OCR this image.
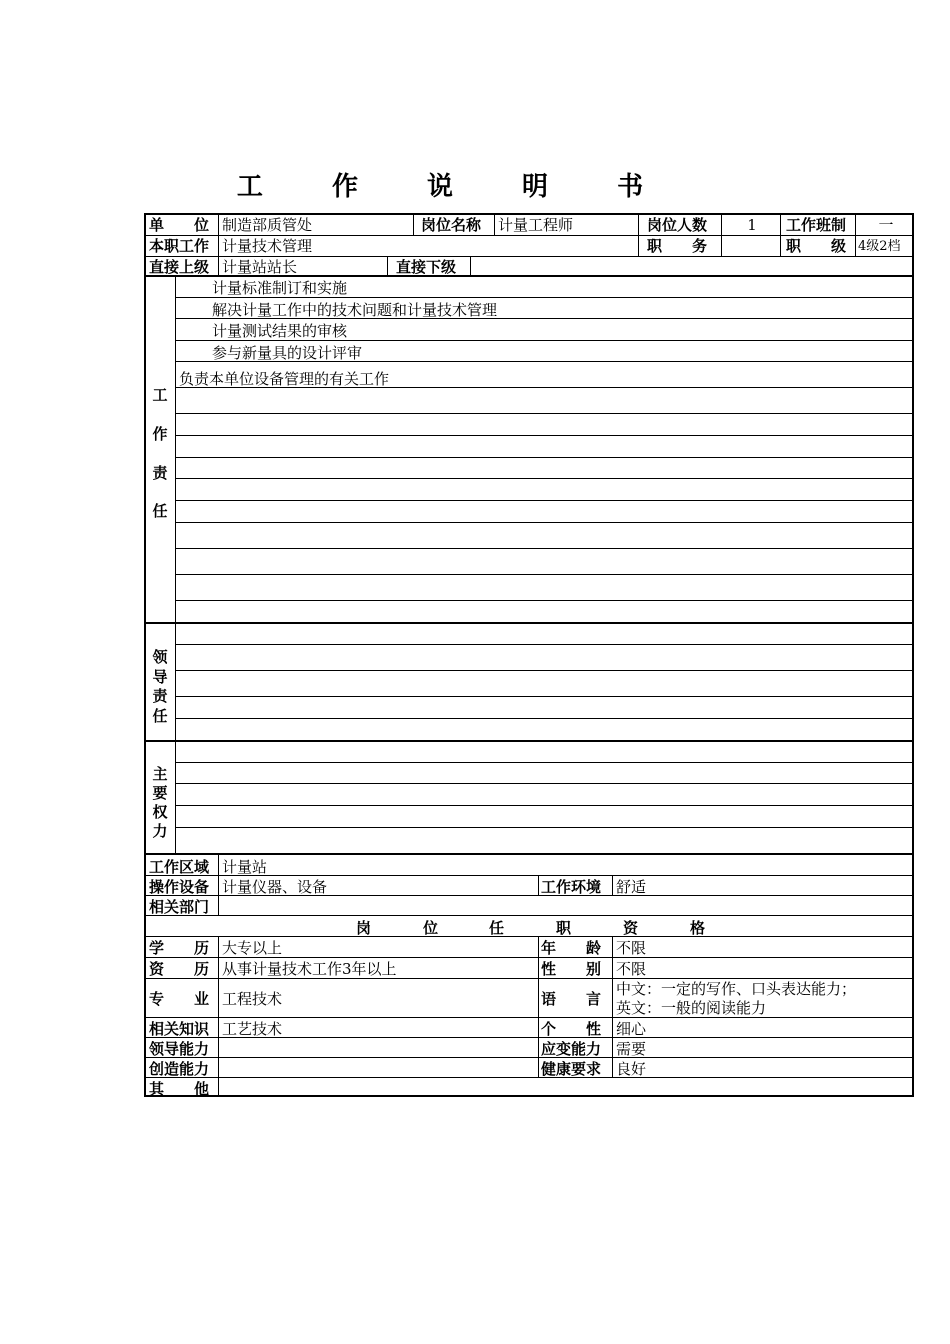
工 作 说 明 书
单　　位 制造部质管处	岗位名称	计量工程师	岗位人数	1	工作班制	一
本职工作 计量技术管理	职　　务	职　　级 4级2档
直接上级 计量站站长	直接下级
工
作
责
任
计量标准制订和实施
解决计量工作中的技术问题和计量技术管理
计量测试结果的审核
参与新量具的设计评审
负责本单位设备管理的有关工作
领
导
责
任
主
要
权
力
工作区域 计量站
操作设备 计量仪器、设备	工作环境 舒适
相关部门
岗	位	任	职	资	格
学　　历 大专以上	年　　龄 不限
资　　历 从事计量技术工作3年以上	性　　别 不限
专　　业 工程技术	语　　言
中文：一定的写作、口头表达能力；
英文：一般的阅读能力
相关知识 工艺技术	个　　性 细心
领导能力	应变能力 需要
创造能力	健康要求 良好
其　　他
